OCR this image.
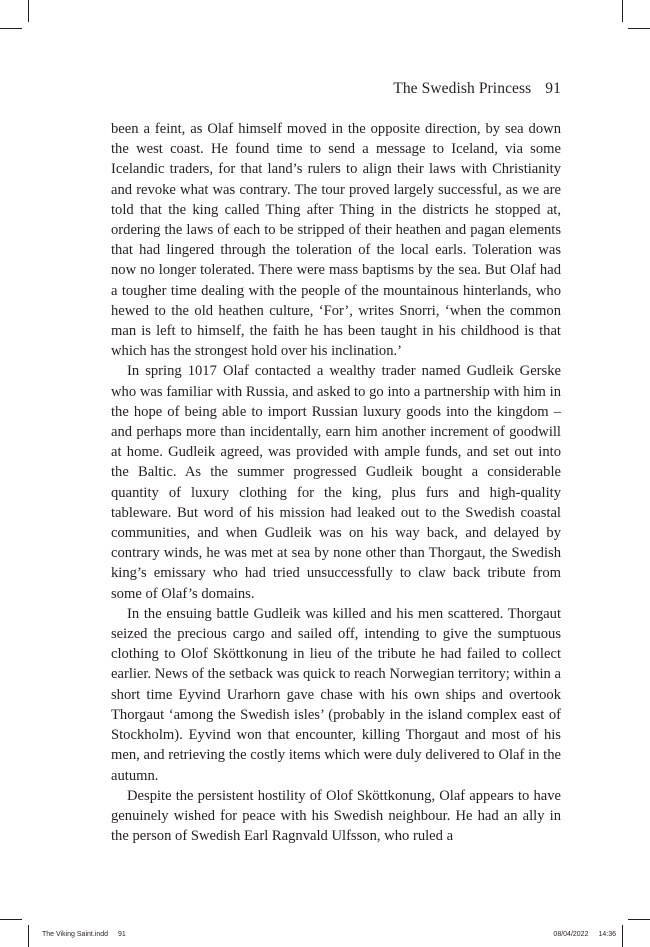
The Swedish Princess 91

been a feint, as Olaf himself moved in the opposite direction, by sea down the west coast. He found time to send a message to Iceland, via some Icelandic traders, for that land’s rulers to align their laws with Christianity and revoke what was contrary. The tour proved largely successful, as we are told that the king called Thing after Thing in the districts he stopped at, ordering the laws of each to be stripped of their heathen and pagan elements that had lingered through the toleration of the local earls. Toleration was now no longer tolerated. There were mass baptisms by the sea. But Olaf had a tougher time dealing with the people of the mountainous hinterlands, who hewed to the old heathen culture, ‘For’, writes Snorri, ‘when the common man is left to himself, the faith he has been taught in his childhood is that which has the strongest hold over his inclination.’

In spring 1017 Olaf contacted a wealthy trader named Gudleik Gerske who was familiar with Russia, and asked to go into a partnership with him in the hope of being able to import Russian luxury goods into the kingdom – and perhaps more than incidentally, earn him another increment of goodwill at home. Gudleik agreed, was provided with ample funds, and set out into the Baltic. As the summer progressed Gudleik bought a considerable quantity of luxury clothing for the king, plus furs and high-quality tableware. But word of his mission had leaked out to the Swedish coastal communities, and when Gudleik was on his way back, and delayed by contrary winds, he was met at sea by none other than Thorgaut, the Swedish king’s emissary who had tried unsuccessfully to claw back tribute from some of Olaf’s domains.

In the ensuing battle Gudleik was killed and his men scattered. Thorgaut seized the precious cargo and sailed off, intending to give the sumptuous clothing to Olof Sköttkonung in lieu of the tribute he had failed to collect earlier. News of the setback was quick to reach Norwegian territory; within a short time Eyvind Urarhorn gave chase with his own ships and overtook Thorgaut ‘among the Swedish isles’ (probably in the island complex east of Stockholm). Eyvind won that encounter, killing Thorgaut and most of his men, and retrieving the costly items which were duly delivered to Olaf in the autumn.

Despite the persistent hostility of Olof Sköttkonung, Olaf appears to have genuinely wished for peace with his Swedish neighbour. He had an ally in the person of Swedish Earl Ragnvald Ulfsson, who ruled a

The Viking Saint.indd 91	08/04/2022 14:36
